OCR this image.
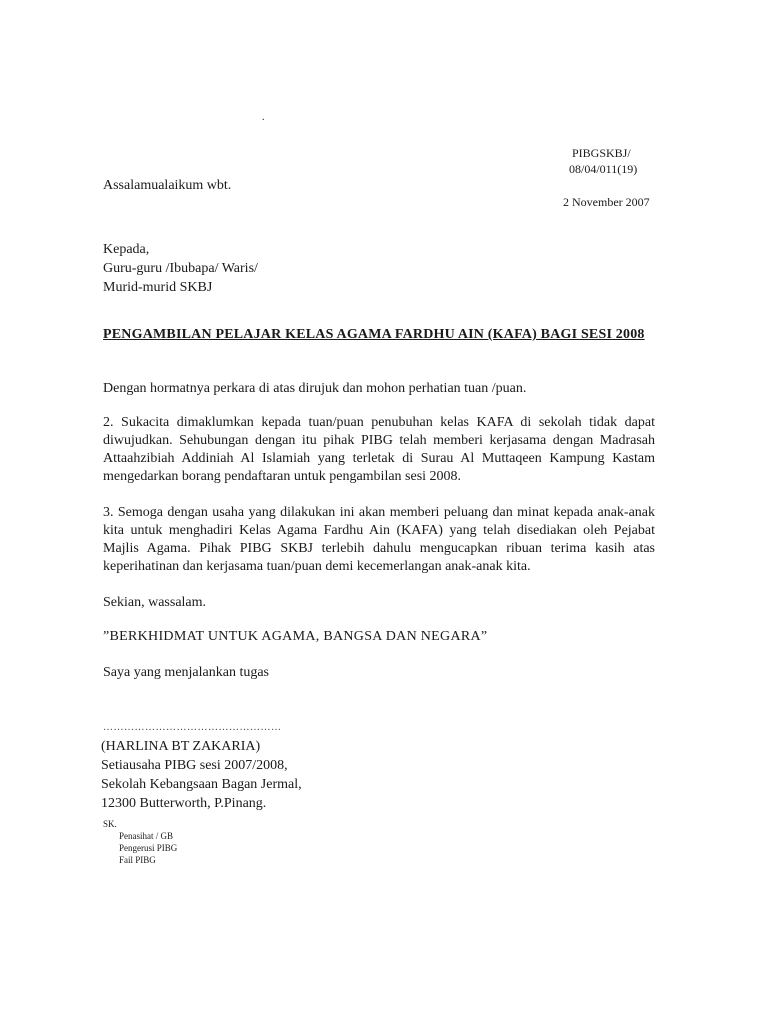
.
PIBGSKBJ/
08/04/011(19)
Assalamualaikum wbt.
2 November 2007
Kepada,
Guru-guru /Ibubapa/ Waris/
Murid-murid SKBJ
PENGAMBILAN PELAJAR KELAS AGAMA FARDHU AIN (KAFA) BAGI SESI 2008
Dengan hormatnya perkara di atas dirujuk dan mohon perhatian tuan /puan.
2. Sukacita dimaklumkan kepada tuan/puan penubuhan kelas KAFA di sekolah tidak dapat diwujudkan. Sehubungan dengan itu pihak PIBG telah memberi kerjasama dengan Madrasah Attaahzibiah Addiniah Al Islamiah yang terletak di Surau Al Muttaqeen Kampung Kastam mengedarkan borang pendaftaran untuk pengambilan sesi 2008.
3. Semoga dengan usaha yang dilakukan ini akan memberi peluang dan minat kepada anak-anak kita untuk menghadiri Kelas Agama Fardhu Ain (KAFA) yang telah disediakan oleh Pejabat Majlis Agama. Pihak PIBG SKBJ terlebih dahulu mengucapkan ribuan terima kasih atas keperihatinan dan kerjasama tuan/puan demi kecemerlangan anak-anak kita.
Sekian, wassalam.
”BERKHIDMAT UNTUK AGAMA, BANGSA DAN NEGARA”
Saya yang menjalankan tugas
……………………………………………
(HARLINA BT ZAKARIA)
Setiausaha PIBG sesi 2007/2008,
Sekolah Kebangsaan Bagan Jermal,
12300 Butterworth, P.Pinang.
SK.
Penasihat / GB
Pengerusi PIBG
Fail PIBG
